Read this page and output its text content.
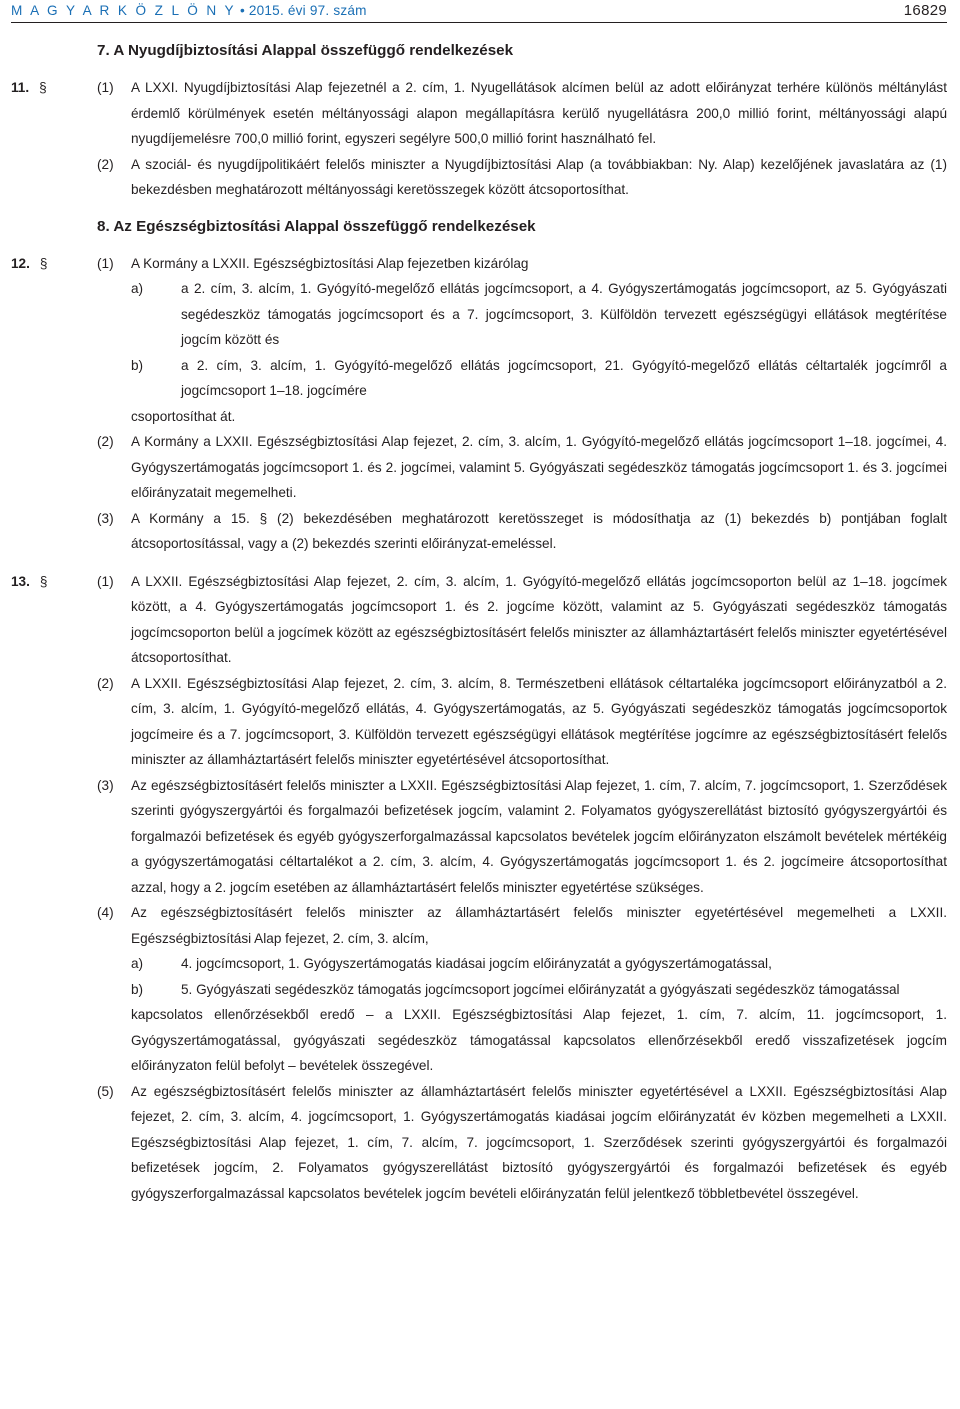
M A G Y A R K Ö Z L Ö N Y • 2015. évi 97. szám	16829
7. A Nyugdíjbiztosítási Alappal összefüggő rendelkezések
11. §	(1)	A LXXI. Nyugdíjbiztosítási Alap fejezetnél a 2. cím, 1. Nyugellátások alcímen belül az adott előirányzat terhére különös méltánylást érdemlő körülmények esetén méltányossági alapon megállapításra kerülő nyugellátásra 200,0 millió forint, méltányossági alapú nyugdíjemelésre 700,0 millió forint, egyszeri segélyre 500,0 millió forint használható fel.
(2)	A szociál- és nyugdíjpolitikáért felelős miniszter a Nyugdíjbiztosítási Alap (a továbbiakban: Ny. Alap) kezelőjének javaslatára az (1) bekezdésben meghatározott méltányossági keretösszegek között átcsoportosíthat.
8. Az Egészségbiztosítási Alappal összefüggő rendelkezések
12. §	(1)	A Kormány a LXXII. Egészségbiztosítási Alap fejezetben kizárólag
a)	a 2. cím, 3. alcím, 1. Gyógyító-megelőző ellátás jogcímcsoport, a 4. Gyógyszertámogatás jogcímcsoport, az 5. Gyógyászati segédeszköz támogatás jogcímcsoport és a 7. jogcímcsoport, 3. Külföldön tervezett egészségügyi ellátások megtérítése jogcím között és
b)	a 2. cím, 3. alcím, 1. Gyógyító-megelőző ellátás jogcímcsoport, 21. Gyógyító-megelőző ellátás céltartalék jogcímről a jogcímcsoport 1–18. jogcímére
csoportosíthat át.
(2)	A Kormány a LXXII. Egészségbiztosítási Alap fejezet, 2. cím, 3. alcím, 1. Gyógyító-megelőző ellátás jogcímcsoport 1–18. jogcímei, 4. Gyógyszertámogatás jogcímcsoport 1. és 2. jogcímei, valamint 5. Gyógyászati segédeszköz támogatás jogcímcsoport 1. és 3. jogcímei előirányzatait megemelheti.
(3)	A Kormány a 15. § (2) bekezdésében meghatározott keretösszeget is módosíthatja az (1) bekezdés b) pontjában foglalt átcsoportosítással, vagy a (2) bekezdés szerinti előirányzat-emeléssel.
13. §	(1)	A LXXII. Egészségbiztosítási Alap fejezet, 2. cím, 3. alcím, 1. Gyógyító-megelőző ellátás jogcímcsoporton belül az 1–18. jogcímek között, a 4. Gyógyszertámogatás jogcímcsoport 1. és 2. jogcíme között, valamint az 5. Gyógyászati segédeszköz támogatás jogcímcsoporton belül a jogcímek között az egészségbiztosításért felelős miniszter az államháztartásért felelős miniszter egyetértésével átcsoportosíthat.
(2)	A LXXII. Egészségbiztosítási Alap fejezet, 2. cím, 3. alcím, 8. Természetbeni ellátások céltartaléka jogcímcsoport előirányzatból a 2. cím, 3. alcím, 1. Gyógyító-megelőző ellátás, 4. Gyógyszertámogatás, az 5. Gyógyászati segédeszköz támogatás jogcímcsoportok jogcímeire és a 7. jogcímcsoport, 3. Külföldön tervezett egészségügyi ellátások megtérítése jogcímre az egészségbiztosításért felelős miniszter az államháztartásért felelős miniszter egyetértésével átcsoportosíthat.
(3)	Az egészségbiztosításért felelős miniszter a LXXII. Egészségbiztosítási Alap fejezet, 1. cím, 7. alcím, 7. jogcímcsoport, 1. Szerződések szerinti gyógyszergyártói és forgalmazói befizetések jogcím, valamint 2. Folyamatos gyógyszerellátást biztosító gyógyszergyártói és forgalmazói befizetések és egyéb gyógyszerforgalmazással kapcsolatos bevételek jogcím előirányzaton elszámolt bevételek mértékéig a gyógyszertámogatási céltartalékot a 2. cím, 3. alcím, 4. Gyógyszertámogatás jogcímcsoport 1. és 2. jogcímeire átcsoportosíthat azzal, hogy a 2. jogcím esetében az államháztartásért felelős miniszter egyetértése szükséges.
(4)	Az egészségbiztosításért felelős miniszter az államháztartásért felelős miniszter egyetértésével megemelheti a LXXII. Egészségbiztosítási Alap fejezet, 2. cím, 3. alcím,
a)	4. jogcímcsoport, 1. Gyógyszertámogatás kiadásai jogcím előirányzatát a gyógyszertámogatással,
b)	5. Gyógyászati segédeszköz támogatás jogcímcsoport jogcímei előirányzatát a gyógyászati segédeszköz támogatással
kapcsolatos ellenőrzésekből eredő – a LXXII. Egészségbiztosítási Alap fejezet, 1. cím, 7. alcím, 11. jogcímcsoport, 1. Gyógyszertámogatással, gyógyászati segédeszköz támogatással kapcsolatos ellenőrzésekből eredő visszafizetések jogcím előirányzaton felül befolyt – bevételek összegével.
(5)	Az egészségbiztosításért felelős miniszter az államháztartásért felelős miniszter egyetértésével a LXXII. Egészségbiztosítási Alap fejezet, 2. cím, 3. alcím, 4. jogcímcsoport, 1. Gyógyszertámogatás kiadásai jogcím előirányzatát év közben megemelheti a LXXII. Egészségbiztosítási Alap fejezet, 1. cím, 7. alcím, 7. jogcímcsoport, 1. Szerződések szerinti gyógyszergyártói és forgalmazói befizetések jogcím, 2. Folyamatos gyógyszerellátást biztosító gyógyszergyártói és forgalmazói befizetések és egyéb gyógyszerforgalmazással kapcsolatos bevételek jogcím bevételi előirányzatán felül jelentkező többletbevétel összegével.
